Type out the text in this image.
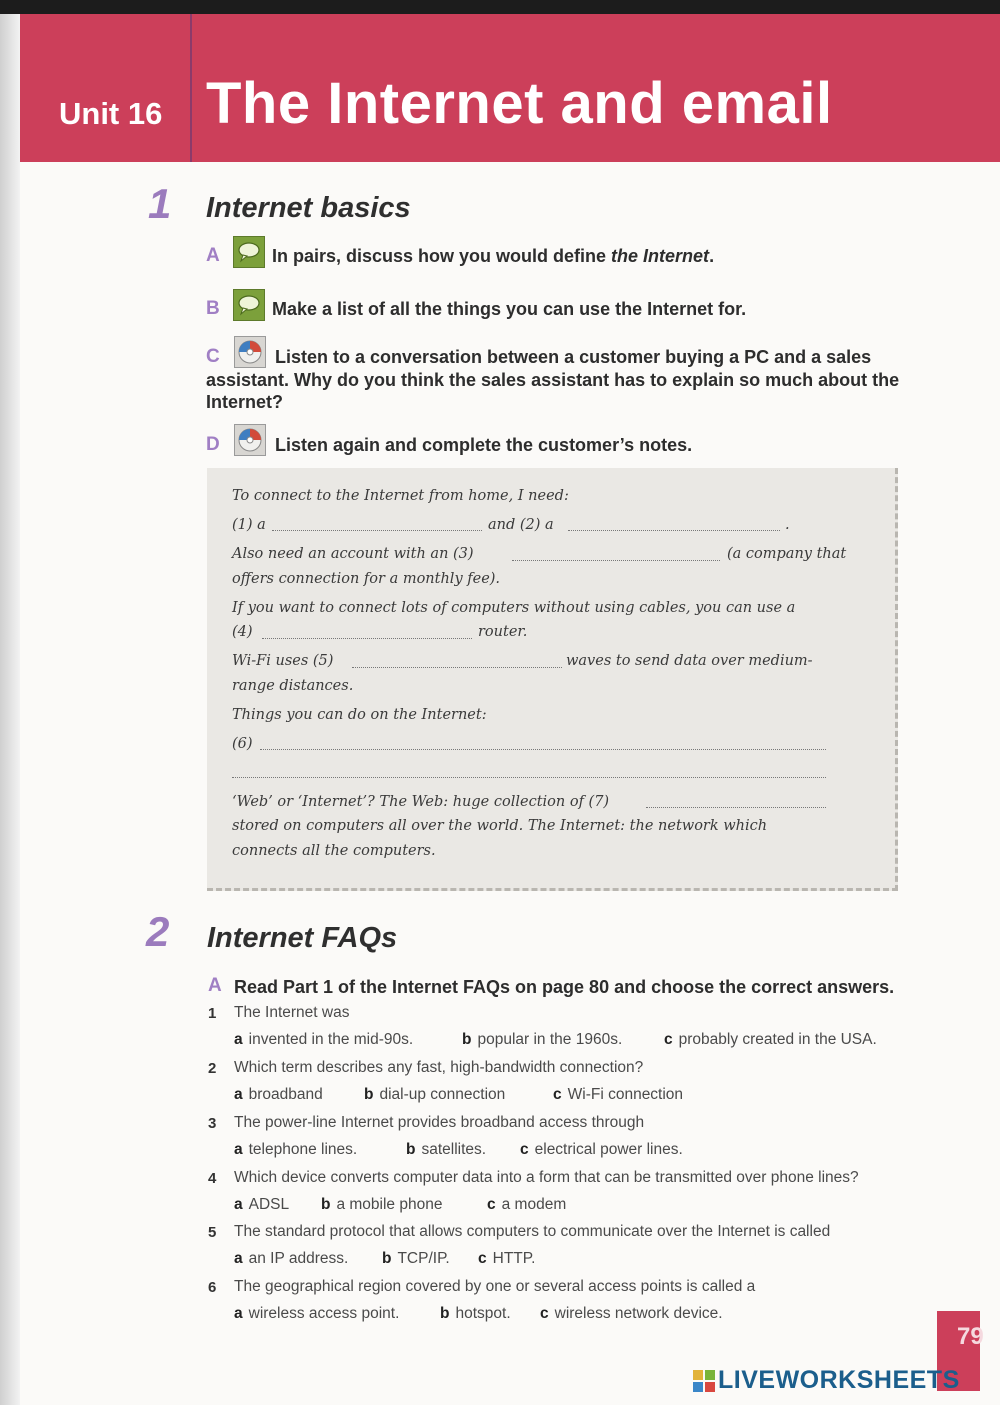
Unit 16 The Internet and email
1 Internet basics
A	In pairs, discuss how you would define the Internet.
B	Make a list of all the things you can use the Internet for.
C	Listen to a conversation between a customer buying a PC and a sales
assistant. Why do you think the sales assistant has to explain so much about the
Internet?
D	Listen again and complete the customer’s notes.
To connect to the Internet from home, I need:
(1) a	and (2) a	.
Also need an account with an (3)	(a company that
offers connection for a monthly fee).
If you want to connect lots of computers without using cables, you can use a
(4)	router.
Wi-Fi uses (5)	waves to send data over medium-
range distances.
Things you can do on the Internet:
(6)
‘Web’ or ‘Internet’? The Web: huge collection of (7)
stored on computers all over the world. The Internet: the network which
connects all the computers.
2 Internet FAQs
A Read Part 1 of the Internet FAQs on page 80 and choose the correct answers.
1 The Internet was
a invented in the mid-90s.	b popular in the 1960s.	c probably created in the USA.
2 Which term describes any fast, high-bandwidth connection?
a broadband	b dial-up connection	c Wi-Fi connection
3 The power-line Internet provides broadband access through
a telephone lines.	b satellites. c electrical power lines.
4 Which device converts computer data into a form that can be transmitted over phone lines?
a ADSL b a mobile phone	c a modem
5 The standard protocol that allows computers to communicate over the Internet is called
a an IP address. b TCP/IP. c HTTP.
6 The geographical region covered by one or several access points is called a
a wireless access point.	b hotspot. c wireless network device.
79
LIVEWORKSHEETS
